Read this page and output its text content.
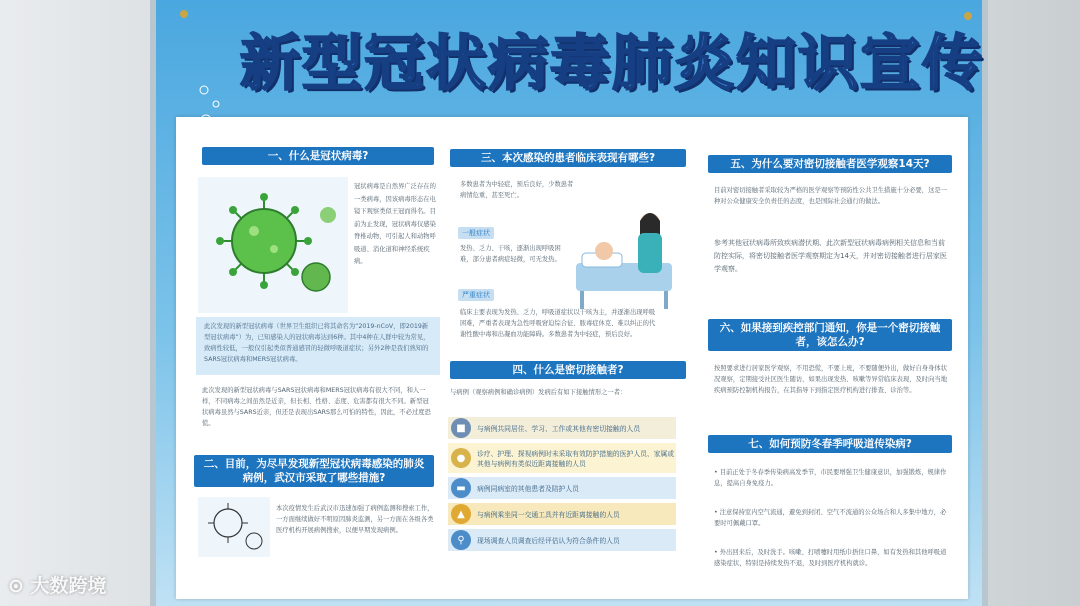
新型冠状病毒肺炎知识宣传
一、什么是冠状病毒?
冠状病毒是自然界广泛存在的一类病毒，因该病毒形态在电镜下观察类似王冠而得名。目前为止发现，冠状病毒仅感染脊椎动物，可引起人和动物呼吸道、消化道和神经系统疾病。
此次发现的新型冠状病毒（世界卫生组织已将其命名为“2019-nCoV，即2019新型冠状病毒”）为，已知感染人的冠状病毒达到6种。其中4种在人群中较为常见，致病性较低，一般仅引起类似普通感冒的轻微呼吸道症状；另外2种是我们熟知的SARS冠状病毒和MERS冠状病毒。
此次发现的新型冠状病毒与SARS冠状病毒和MERS冠状病毒有很大不同，和人一样，不同病毒之间虽然是近亲，但长相、性格、态度、危害都有很大不同。新型冠状病毒虽然与SARS近亲，但还是表现出SARS那么可怕的特性，因此，不必过度恐慌。
二、目前，为尽早发现新型冠状病毒感染的肺炎病例，武汉市采取了哪些措施?
本次疫情发生后武汉市迅速加强了病例监测和搜索工作，一方面继续做好不明原因肺炎监测，另一方面在各级各类医疗机构开展病例搜索，以便早期发现病例。
三、本次感染的患者临床表现有哪些?
多数患者为中轻症，预后良好，少数患者病情危重，甚至死亡。
一般症状
发热、乏力、干咳，逐渐出现呼吸困难，部分患者病症轻微，可无发热。
严重症状
临床主要表现为发热、乏力，呼吸道症状以干咳为主，并逐渐出现呼吸困难，严重者表现为急性呼吸窘迫综合征、脓毒症休克、难以纠正的代谢性酸中毒和出凝血功能障碍。多数患者为中轻症，预后良好。
四、什么是密切接触者?
与病例（观察病例和确诊病例）发病后有如下接触情形之一者：
■	与病例共同居住、学习、工作或其他有密切接触的人员
●	诊疗、护理、探视病例时未采取有效防护措施的医护人员、家属或其他与病例有类似近距离接触的人员
▬	病例同病室的其他患者及陪护人员
▲	与病例乘坐同一交通工具并有近距离接触的人员
⚲	现场调查人员调查后经评估认为符合条件的人员
五、为什么要对密切接触者医学观察14天?
目前对密切接触者采取较为严格的医学观察等预防性公共卫生措施十分必要，这是一种对公众健康安全负责任的态度，也是国际社会通行的做法。
参考其他冠状病毒所致疾病潜伏期、此次新型冠状病毒病例相关信息和当前防控实际，将密切接触者医学观察期定为14天，并对密切接触者进行居家医学观察。
六、如果接到疾控部门通知，你是一个密切接触者，该怎么办?
按照要求进行居家医学观察，不用恐慌，不要上班，不要随便外出，做好自身身体状况观察，定期接受社区医生随访，如果出现发热、咳嗽等异常临床表现，及时向当地疾病预防控制机构报告，在其指导下到指定医疗机构进行排查、诊治等。
七、如何预防冬春季呼吸道传染病?
• 目前正处于冬春季传染病高发季节，市民要增强卫生健康意识，加强锻炼，规律作息，提高自身免疫力。
• 注意保持室内空气流通，避免到封闭、空气不流通的公众场合和人多集中地方，必要时可佩戴口罩。
• 外出回来后，及时洗手。咳嗽、打喷嚏时用纸巾捂住口鼻，如有发热和其他呼吸道感染症状，特别是持续发热不退，及时到医疗机构就诊。
⊙ 大数跨境
